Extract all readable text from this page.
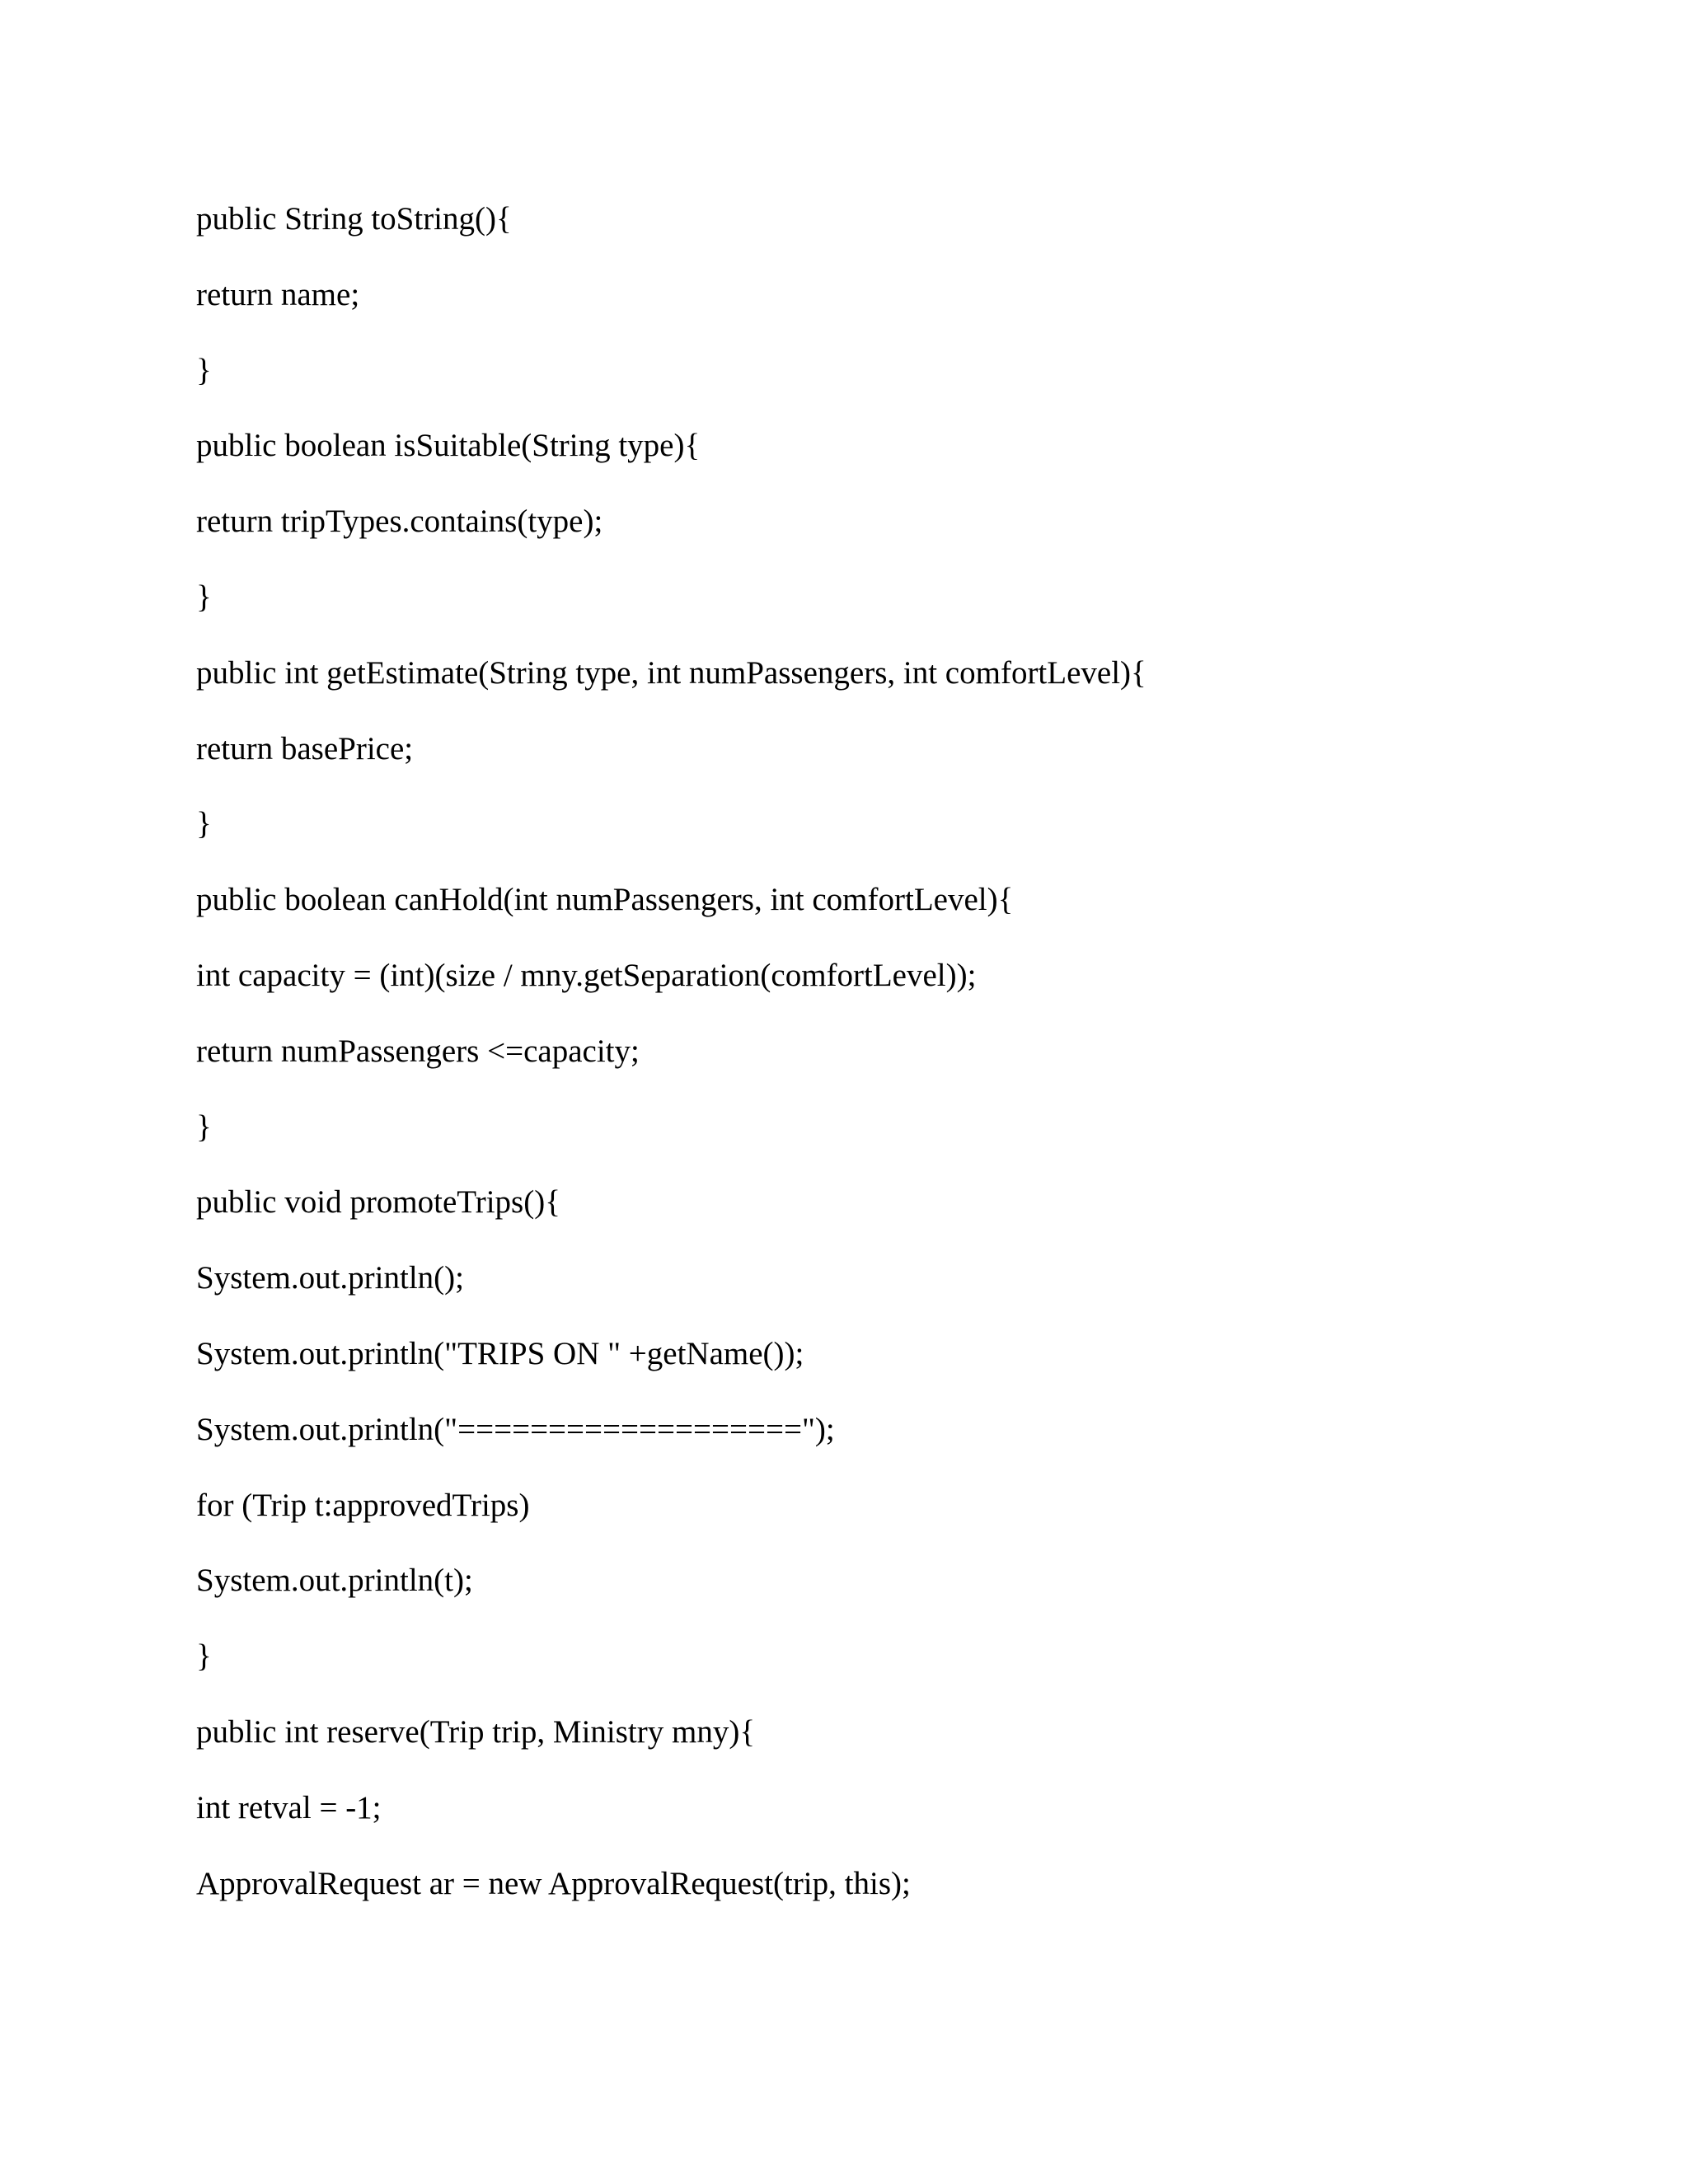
public String toString(){
return name;
}
public boolean isSuitable(String type){
return tripTypes.contains(type);
}
public int getEstimate(String type, int numPassengers, int comfortLevel){
return basePrice;
}
public boolean canHold(int numPassengers, int comfortLevel){
int capacity = (int)(size / mny.getSeparation(comfortLevel));
return numPassengers <=capacity;
}
public void promoteTrips(){
System.out.println();
System.out.println("TRIPS ON " +getName());
System.out.println("===================");
for (Trip t:approvedTrips)
System.out.println(t);
}
public int reserve(Trip trip, Ministry mny){
int retval = -1;
ApprovalRequest ar = new ApprovalRequest(trip, this);
